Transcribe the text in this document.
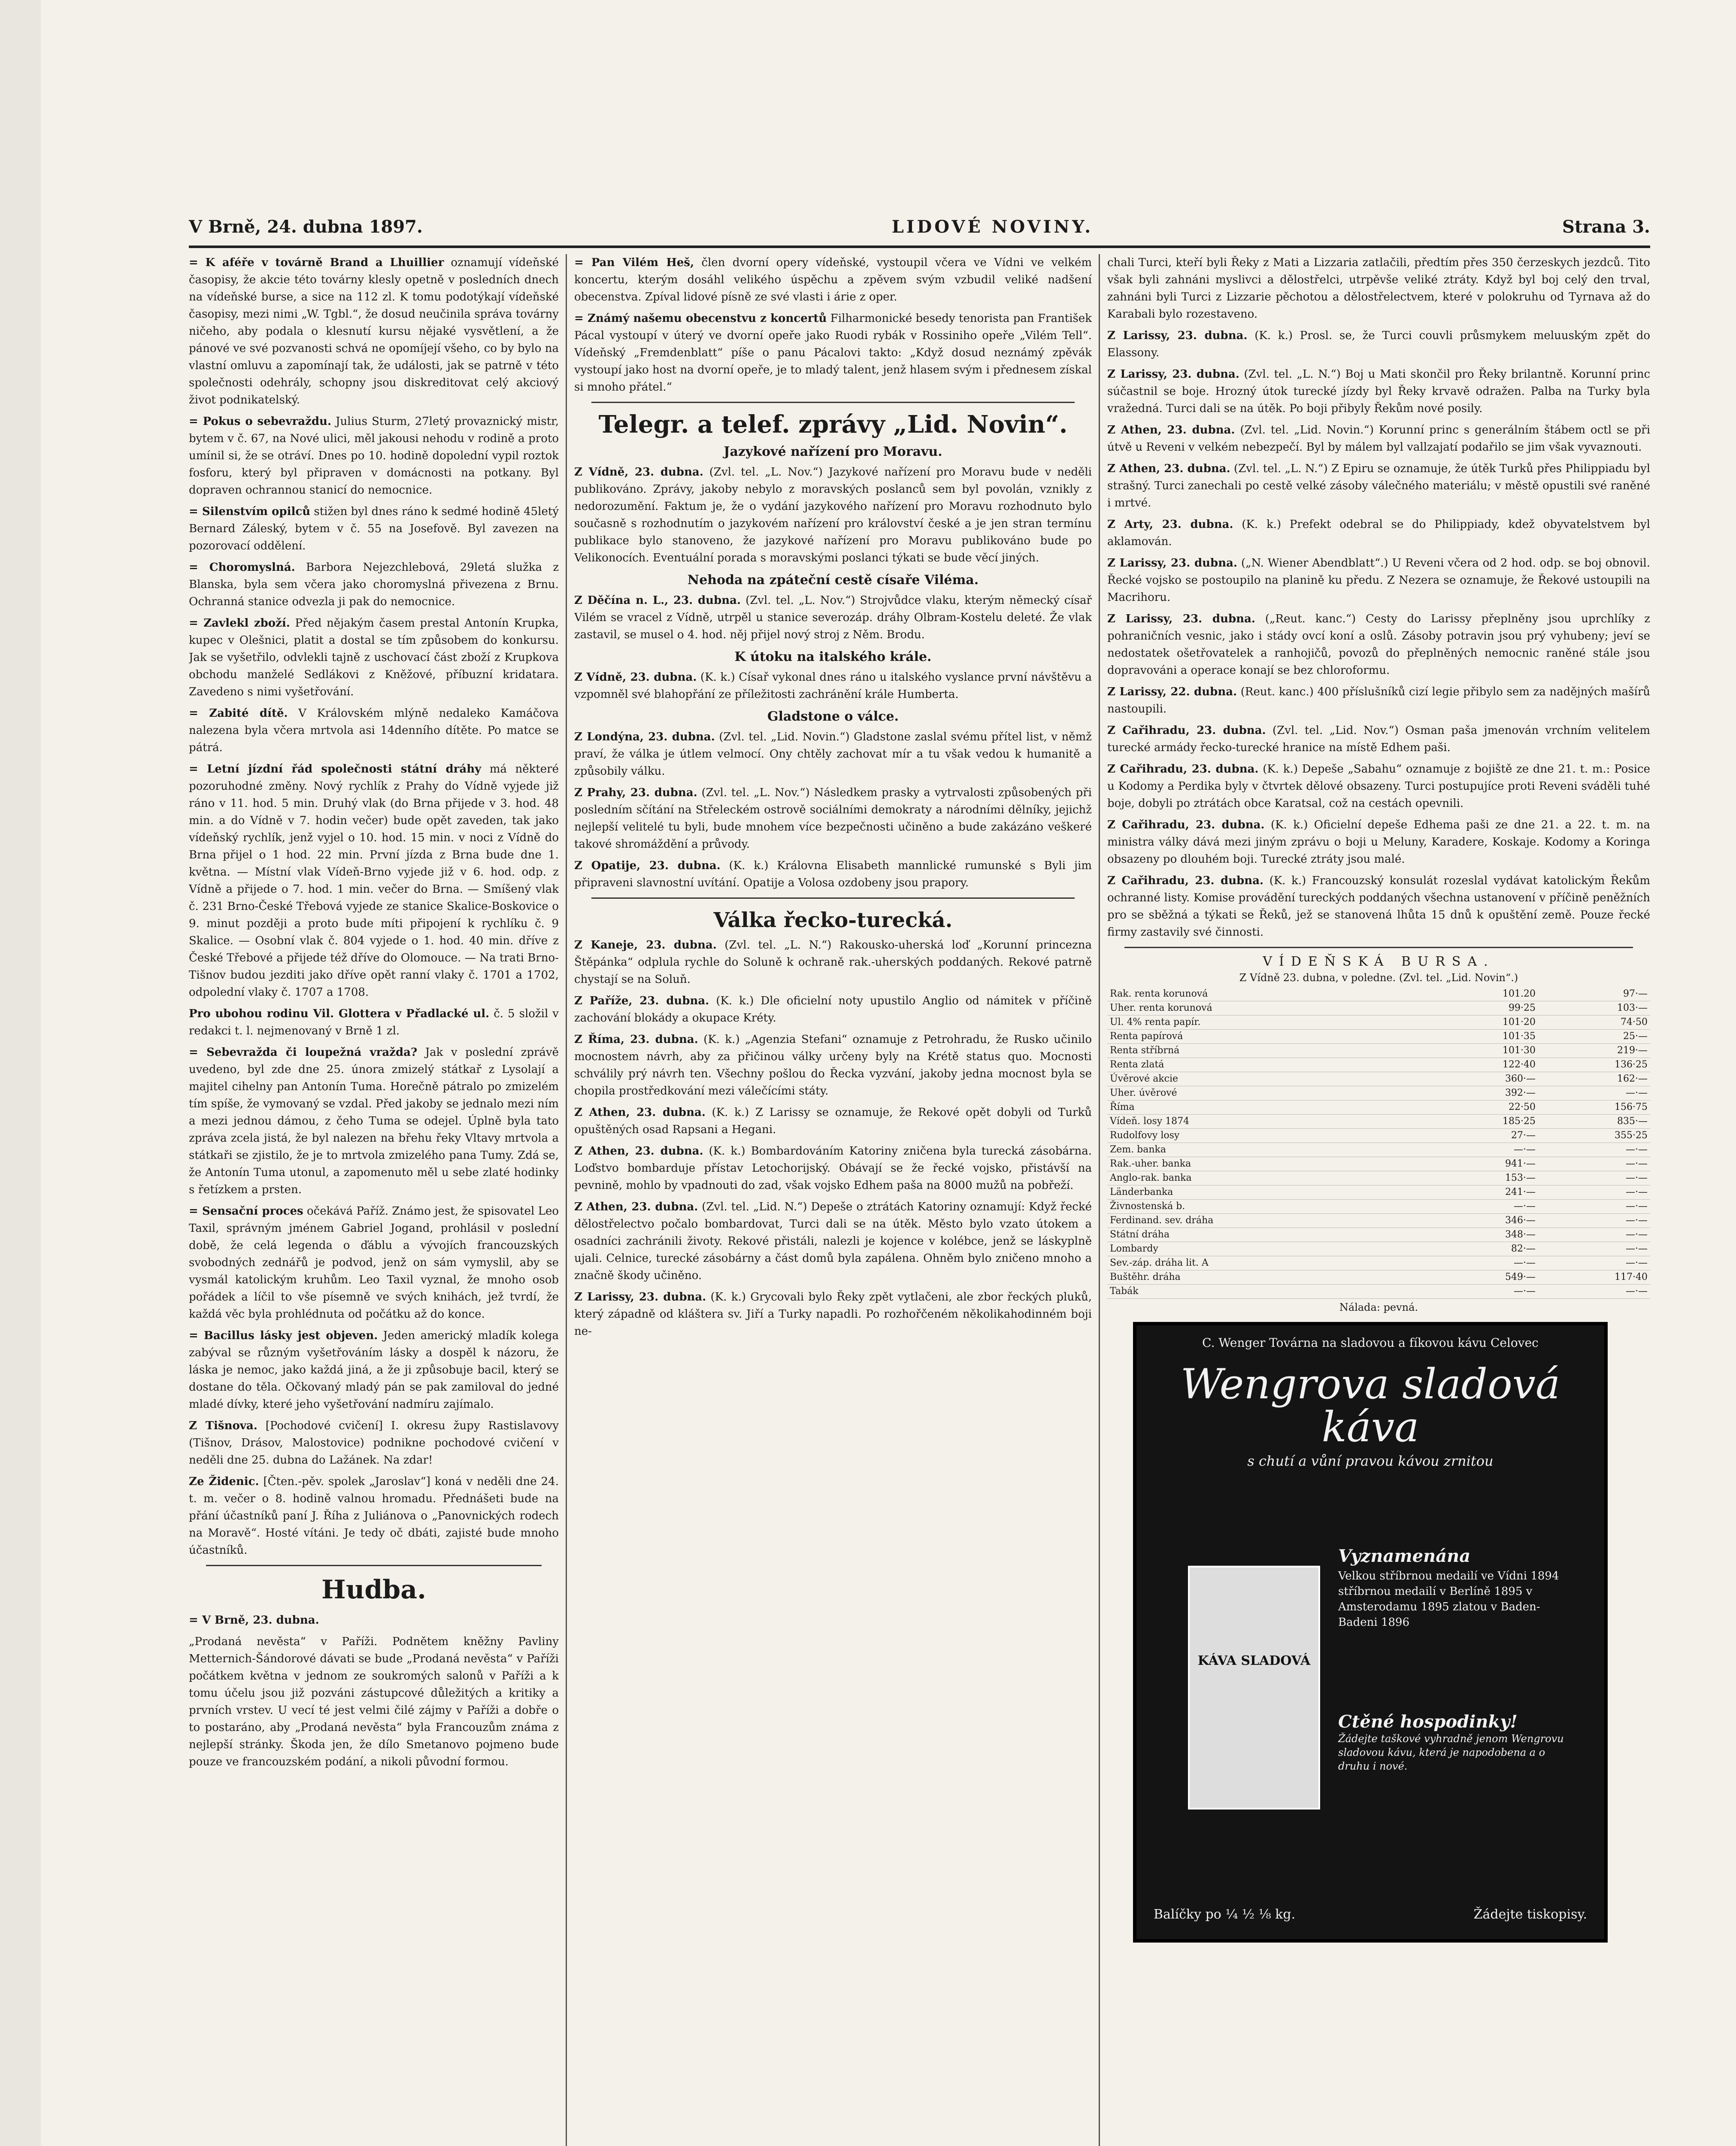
V Brně, 24. dubna 1897.	LIDOVÉ NOVINY.	Strana 3.

= K aféře v továrně Brand a Lhuillier oznamují vídeňské časopisy, že akcie této továrny klesly opetně v posledních dnech na vídeňské burse, a sice na 112 zl. K tomu podotýkají vídeňské časopisy, mezi nimi „W. Tgbl.“, že dosud neučinila správa továrny ničeho, aby podala o klesnutí kursu nějaké vysvětlení, a že pánové ve své pozvanosti schvá ne opomíjejí všeho, co by bylo na vlastní omluvu a zapomínají tak, že události, jak se patrně v této společnosti odehrály, schopny jsou diskreditovat celý akciový život podnikatelský.

= Pokus o sebevraždu. Julius Sturm, 27letý provaznický mistr, bytem v č. 67, na Nové ulici, měl jakousi nehodu v rodině a proto umínil si, že se otráví. Dnes po 10. hodině dopolední vypil roztok fosforu, který byl připraven v domácnosti na potkany. Byl dopraven ochrannou stanicí do nemocnice.

= Silenstvím opilců stižen byl dnes ráno k sedmé hodině 45letý Bernard Záleský, bytem v č. 55 na Josefově. Byl zavezen na pozorovací oddělení.

= Choromyslná. Barbora Nejezchlebová, 29letá služka z Blanska, byla sem včera jako choromyslná přivezena z Brnu. Ochranná stanice odvezla ji pak do nemocnice.

= Zavlekl zboží. Před nějakým časem prestal Antonín Krupka, kupec v Olešnici, platit a dostal se tím způsobem do konkursu. Jak se vyšetřilo, odvlekli tajně z uschovací část zboží z Krupkova obchodu manželé Sedlákovi z Kněžové, příbuzní kridatara. Zavedeno s nimi vyšetřování.

= Zabité dítě. V Královském mlýně nedaleko Kamáčova nalezena byla včera mrtvola asi 14denního dítěte. Po matce se pátrá.

= Letní jízdní řád společnosti státní dráhy má některé pozoruhodné změny. Nový rychlík z Prahy do Vídně vyjede již ráno v 11. hod. 5 min. Druhý vlak (do Brna přijede v 3. hod. 48 min. a do Vídně v 7. hodin večer) bude opět zaveden, tak jako vídeňský rychlík, jenž vyjel o 10. hod. 15 min. v noci z Vídně do Brna přijel o 1 hod. 22 min. První jízda z Brna bude dne 1. května. — Místní vlak Vídeň-Brno vyjede již v 6. hod. odp. z Vídně a přijede o 7. hod. 1 min. večer do Brna. — Smíšený vlak č. 231 Brno-České Třebová vyjede ze stanice Skalice-Boskovice o 9. minut později a proto bude míti připojení k rychlíku č. 9 Skalice. — Osobní vlak č. 804 vyjede o 1. hod. 40 min. dříve z České Třebové a přijede též dříve do Olomouce. — Na trati Brno-Tišnov budou jezditi jako dříve opět ranní vlaky č. 1701 a 1702, odpolední vlaky č. 1707 a 1708.

Pro ubohou rodinu Vil. Glottera v Přadlacké ul. č. 5 složil v redakci t. l. nejmenovaný v Brně 1 zl.

= Sebevražda či loupežná vražda? Jak v poslední zprávě uvedeno, byl zde dne 25. února zmizelý státkař z Lysolají a majitel cihelny pan Antonín Tuma. Horečně pátralo po zmizelém tím spíše, že vymovaný se vzdal. Před jakoby se jednalo mezi ním a mezi jednou dámou, z čeho Tuma se odejel. Úplně byla tato zpráva zcela jistá, že byl nalezen na břehu řeky Vltavy mrtvola a státkaři se zjistilo, že je to mrtvola zmizelého pana Tumy. Zdá se, že Antonín Tuma utonul, a zapomenuto měl u sebe zlaté hodinky s řetízkem a prsten.

= Sensační proces očekává Paříž. Známo jest, že spisovatel Leo Taxil, správným jménem Gabriel Jogand, prohlásil v poslední době, že celá legenda o ďáblu a vývojích francouzských svobodných zednářů je podvod, jenž on sám vymyslil, aby se vysmál katolickým kruhům. Leo Taxil vyznal, že mnoho osob pořádek a líčil to vše písemně ve svých knihách, jež tvrdí, že každá věc byla prohlédnuta od počátku až do konce.

= Bacillus lásky jest objeven. Jeden americký mladík kolega zabýval se různým vyšetřováním lásky a dospěl k názoru, že láska je nemoc, jako každá jiná, a že ji způsobuje bacil, který se dostane do těla. Očkovaný mladý pán se pak zamiloval do jedné mladé dívky, které jeho vyšetřování nadmíru zajímalo.

Z Tišnova. [Pochodové cvičení] I. okresu župy Rastislavovy (Tišnov, Drásov, Malostovice) podnikne pochodové cvičení v neděli dne 25. dubna do Lažánek. Na zdar!

Ze Židenic. [Čten.-pěv. spolek „Jaroslav“] koná v neděli dne 24. t. m. večer o 8. hodině valnou hromadu. Přednášeti bude na přání účastníků paní J. Říha z Juliánova o „Panovnických rodech na Moravě“. Hosté vítáni. Je tedy oč dbáti, zajisté bude mnoho účastníků.

Hudba.

= V Brně, 23. dubna.

„Prodaná nevěsta“ v Paříži. Podnětem kněžny Pavliny Metternich-Šándorové dávati se bude „Prodaná nevěsta“ v Paříži počátkem května v jednom ze soukromých salonů v Paříži a k tomu účelu jsou již pozváni zástupcové důležitých a kritiky a prvních vrstev. U vecí té jest velmi čilé zájmy v Paříži a dobře o to postaráno, aby „Prodaná nevěsta“ byla Francouzům známa z nejlepší stránky. Škoda jen, že dílo Smetanovo pojmeno bude pouze ve francouzském podání, a nikoli původní formou.

= Pan Vilém Heš, člen dvorní opery vídeňské, vystoupil včera ve Vídni ve velkém koncertu, kterým dosáhl velikého úspěchu a zpěvem svým vzbudil veliké nadšení obecenstva. Zpíval lidové písně ze své vlasti i árie z oper.

= Známý našemu obecenstvu z koncertů Filharmonické besedy tenorista pan František Pácal vystoupí v úterý ve dvorní opeře jako Ruodi rybák v Rossiniho opeře „Vilém Tell“. Vídeňský „Fremdenblatt“ píše o panu Pácalovi takto: „Když dosud neznámý zpěvák vystoupí jako host na dvorní opeře, je to mladý talent, jenž hlasem svým i přednesem získal si mnoho přátel.“

Telegr. a telef. zprávy „Lid. Novin“.
Jazykové nařízení pro Moravu.

Z Vídně, 23. dubna. (Zvl. tel. „L. Nov.“) Jazykové nařízení pro Moravu bude v neděli publikováno. Zprávy, jakoby nebylo z moravských poslanců sem byl povolán, vznikly z nedorozumění. Faktum je, že o vydání jazykového nařízení pro Moravu rozhodnuto bylo současně s rozhodnutím o jazykovém nařízení pro království české a je jen stran termínu publikace bylo stanoveno, že jazykové nařízení pro Moravu publikováno bude po Velikonocích. Eventuální porada s moravskými poslanci týkati se bude věcí jiných.

Nehoda na zpáteční cestě císaře Viléma.

Z Děčína n. L., 23. dubna. (Zvl. tel. „L. Nov.“) Strojvůdce vlaku, kterým německý císař Vilém se vracel z Vídně, utrpěl u stanice severozáp. dráhy Olbram-Kostelu deleté. Že vlak zastavil, se musel o 4. hod. něj přijel nový stroj z Něm. Brodu.

K útoku na italského krále.

Z Vídně, 23. dubna. (K. k.) Císař vykonal dnes ráno u italského vyslance první návštěvu a vzpomněl své blahopřání ze příležitosti zachránění krále Humberta.

Gladstone o válce.

Z Londýna, 23. dubna. (Zvl. tel. „Lid. Novin.“) Gladstone zaslal svému přítel list, v němž praví, že válka je útlem velmocí. Ony chtěly zachovat mír a tu však vedou k humanitě a způsobily válku.

Z Prahy, 23. dubna. (Zvl. tel. „L. Nov.“) Následkem prasky a vytrvalosti způsobených při posledním sčítání na Střeleckém ostrově sociálními demokraty a národními dělníky, jejichž nejlepší velitelé tu byli, bude mnohem více bezpečnosti učiněno a bude zakázáno veškeré takové shromáždění a průvody.

Z Opatije, 23. dubna. (K. k.) Královna Elisabeth mannlické rumunské s Byli jim připraveni slavnostní uvítání. Opatije a Volosa ozdobeny jsou prapory.

Válka řecko-turecká.

Z Kaneje, 23. dubna. (Zvl. tel. „L. N.“) Rakousko-uherská loď „Korunní princezna Štěpánka“ odplula rychle do Soluně k ochraně rak.-uherských poddaných. Rekové patrně chystají se na Soluň.

Z Paříže, 23. dubna. (K. k.) Dle oficielní noty upustilo Anglio od námitek v příčině zachování blokády a okupace Kréty.

Z Říma, 23. dubna. (K. k.) „Agenzia Stefani“ oznamuje z Petrohradu, že Rusko učinilo mocnostem návrh, aby za přičinou války určeny byly na Krétě status quo. Mocnosti schválily prý návrh ten. Všechny pošlou do Řecka vyzvání, jakoby jedna mocnost byla se chopila prostředkování mezi válečícími státy.

Z Athen, 23. dubna. (K. k.) Z Larissy se oznamuje, že Rekové opět dobyli od Turků opuštěných osad Rapsani a Hegani.

Z Athen, 23. dubna. (K. k.) Bombardováním Katoriny zničena byla turecká zásobárna. Loďstvo bombarduje přístav Letochorijský. Obávají se že řecké vojsko, přistávší na pevnině, mohlo by vpadnouti do zad, však vojsko Edhem paša na 8000 mužů na pobřeží.

Z Athen, 23. dubna. (Zvl. tel. „Lid. N.“) Depeše o ztrátách Katoriny oznamují: Když řecké dělostřelectvo počalo bombardovat, Turci dali se na útěk. Město bylo vzato útokem a osadníci zachránili životy. Rekové přistáli, nalezli je kojence v kolébce, jenž se láskyplně ujali. Celnice, turecké zásobárny a část domů byla zapálena. Ohněm bylo zničeno mnoho a značně škody učiněno.

Z Larissy, 23. dubna. (K. k.) Grycovali bylo Řeky zpět vytlačeni, ale zbor řeckých pluků, který západně od kláštera sv. Jiří a Turky napadli. Po rozhořčeném několikahodinném boji ne-

chali Turci, kteří byli Řeky z Mati a Lizzaria zatlačili, předtím přes 350 čerzeskych jezdců. Tito však byli zahnáni myslivci a dělostřelci, utrpěvše veliké ztráty. Když byl boj celý den trval, zahnáni byli Turci z Lizzarie pěchotou a dělostřelectvem, které v polokruhu od Tyrnava až do Karabali bylo rozestaveno.

Z Larissy, 23. dubna. (K. k.) Prosl. se, že Turci couvli průsmykem meluuským zpět do Elassony.

Z Larissy, 23. dubna. (Zvl. tel. „L. N.“) Boj u Mati skončil pro Řeky brilantně. Korunní princ súčastnil se boje. Hrozný útok turecké jízdy byl Řeky krvavě odražen. Palba na Turky byla vražedná. Turci dali se na útěk. Po boji přibyly Řekům nové posily.

Z Athen, 23. dubna. (Zvl. tel. „Lid. Novin.“) Korunní princ s generálním štábem octl se při útvě u Reveni v velkém nebezpečí. Byl by málem byl vallzajatí podařilo se jim však vyvaznouti.

Z Athen, 23. dubna. (Zvl. tel. „L. N.“) Z Epiru se oznamuje, že útěk Turků přes Philippiadu byl strašný. Turci zanechali po cestě velké zásoby válečného materiálu; v městě opustili své raněné i mrtvé.

Z Arty, 23. dubna. (K. k.) Prefekt odebral se do Philippiady, kdež obyvatelstvem byl aklamován.

Z Larissy, 23. dubna. („N. Wiener Abendblatt“.) U Reveni včera od 2 hod. odp. se boj obnovil. Řecké vojsko se postoupilo na planině ku předu. Z Nezera se oznamuje, že Řekové ustoupili na Macrihoru.

Z Larissy, 23. dubna. („Reut. kanc.“) Cesty do Larissy přeplněny jsou uprchlíky z pohraničních vesnic, jako i stády ovcí koní a oslů. Zásoby potravin jsou prý vyhubeny; jeví se nedostatek ošetřovatelek a ranhojičů, povozů do přeplněných nemocnic raněné stále jsou dopravováni a operace konají se bez chloroformu.

Z Larissy, 22. dubna. (Reut. kanc.) 400 příslušníků cizí legie přibylo sem za nadějných mašírů nastoupili.

Z Cařihradu, 23. dubna. (Zvl. tel. „Lid. Nov.“) Osman paša jmenován vrchním velitelem turecké armády řecko-turecké hranice na místě Edhem paši.

Z Cařihradu, 23. dubna. (K. k.) Depeše „Sabahu“ oznamuje z bojiště ze dne 21. t. m.: Posice u Kodomy a Perdika byly v čtvrtek dělové obsazeny. Turci postupujíce proti Reveni sváděli tuhé boje, dobyli po ztrátách obce Karatsal, což na cestách opevnili.

Z Cařihradu, 23. dubna. (K. k.) Oficielní depeše Edhema paši ze dne 21. a 22. t. m. na ministra války dává mezi jiným zprávu o boji u Meluny, Karadere, Koskaje. Kodomy a Koringa obsazeny po dlouhém boji. Turecké ztráty jsou malé.

Z Cařihradu, 23. dubna. (K. k.) Francouzský konsulát rozeslal vydávat katolickým Řekům ochranné listy. Komise provádění tureckých poddaných všechna ustanovení v příčině peněžních pro se sběžná a týkati se Řeků, jež se stanovená lhůta 15 dnů k opuštění země. Pouze řecké firmy zastavily své činnosti.

VÍDEŇSKÁ BURSA.
Z Vídně 23. dubna, v poledne. (Zvl. tel. „Lid. Novin“.)
Rak. renta korunová	101.20	97·—
Uher. renta korunová	99·25	103·—
Ul. 4% renta papír.	101·20	74·50
Renta papírová	101·35	25·—
Renta stříbrná	101·30	219·—
Renta zlatá	122·40	136·25
Úvěrové akcie	360·—	162·—
Uher. úvěrové	392·—	—·—
Říma	22·50	156·75
Vídeň. losy 1874	185·25	835·—
Rudolfovy losy	27·—	355·25
Zem. banka	—·—	—·—
Rak.-uher. banka	941·—	—·—
Anglo-rak. banka	153·—	—·—
Länderbanka	241·—	—·—
Živnostenská b.	—·—	—·—
Ferdinand. sev. dráha	346·—	—·—
Státní dráha	348·—	—·—
Lombardy	82·—	—·—
Sev.-záp. dráha lit. A	—·—	—·—
Buštěhr. dráha	549·—	117·40
Tabák	—·—	—·—
Nálada: pevná.
C. Wenger Továrna na sladovou a fíkovou kávu Celovec
Wengrova sladová káva
s chutí a vůní pravou kávou zrnitou
KÁVA SLADOVÁ
Vyznamenána
Velkou stříbrnou medailí ve Vídni 1894 stříbrnou medailí v Berlíně 1895 v Amsterodamu 1895 zlatou v Baden-Badeni 1896
Ctěné hospodinky!
Žádejte taškové vyhradně jenom Wengrovu sladovou kávu, která je napodobena a o druhu i nové.
Balíčky po ¼ ½ ⅛ kg.	Žádejte tiskopisy.
